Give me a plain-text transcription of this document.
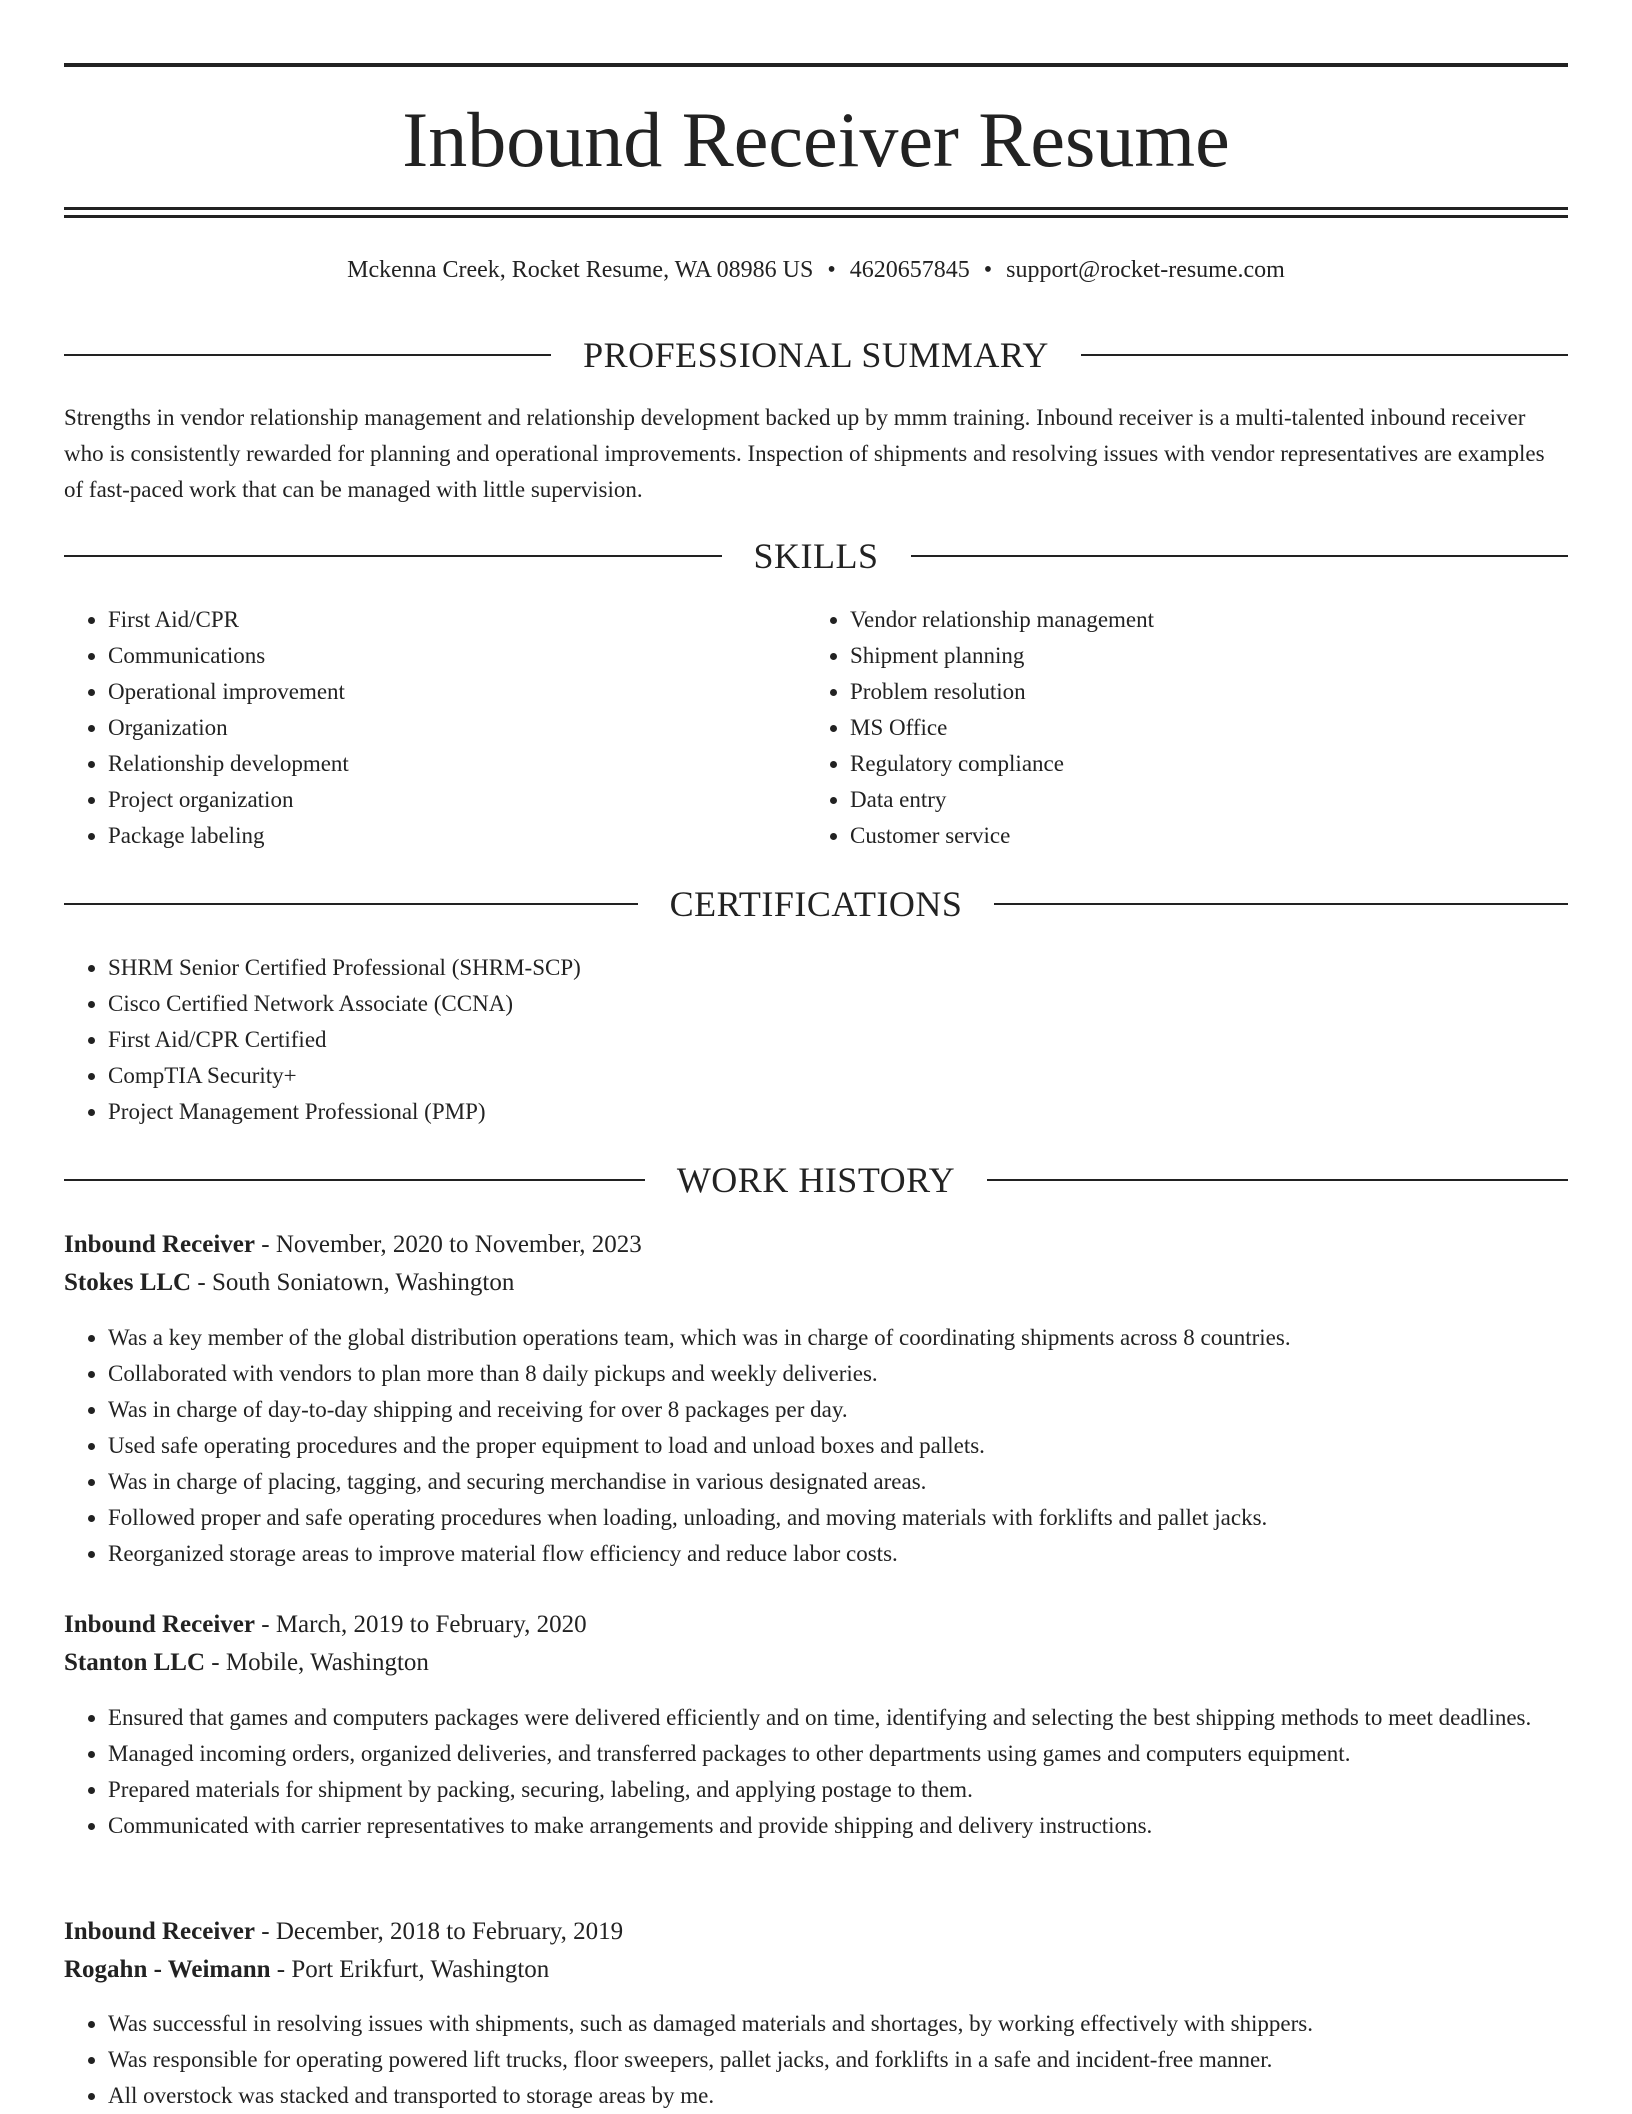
Inbound Receiver Resume
Mckenna Creek, Rocket Resume, WA 08986 US • 4620657845 • support@rocket-resume.com
PROFESSIONAL SUMMARY

Strengths in vendor relationship management and relationship development backed up by mmm training. Inbound receiver is a multi-talented inbound receiver who is consistently rewarded for planning and operational improvements. Inspection of shipments and resolving issues with vendor representatives are examples of fast-paced work that can be managed with little supervision.

SKILLS
• First Aid/CPR
• Communications
• Operational improvement
• Organization
• Relationship development
• Project organization
• Package labeling
• Vendor relationship management
• Shipment planning
• Problem resolution
• MS Office
• Regulatory compliance
• Data entry
• Customer service
CERTIFICATIONS
• SHRM Senior Certified Professional (SHRM-SCP)
• Cisco Certified Network Associate (CCNA)
• First Aid/CPR Certified
• CompTIA Security+
• Project Management Professional (PMP)
WORK HISTORY
Inbound Receiver - November, 2020 to November, 2023
Stokes LLC - South Soniatown, Washington
• Was a key member of the global distribution operations team, which was in charge of coordinating shipments across 8 countries.
• Collaborated with vendors to plan more than 8 daily pickups and weekly deliveries.
• Was in charge of day-to-day shipping and receiving for over 8 packages per day.
• Used safe operating procedures and the proper equipment to load and unload boxes and pallets.
• Was in charge of placing, tagging, and securing merchandise in various designated areas.
• Followed proper and safe operating procedures when loading, unloading, and moving materials with forklifts and pallet jacks.
• Reorganized storage areas to improve material flow efficiency and reduce labor costs.
Inbound Receiver - March, 2019 to February, 2020
Stanton LLC - Mobile, Washington
• Ensured that games and computers packages were delivered efficiently and on time, identifying and selecting the best shipping methods to meet deadlines.
• Managed incoming orders, organized deliveries, and transferred packages to other departments using games and computers equipment.
• Prepared materials for shipment by packing, securing, labeling, and applying postage to them.
• Communicated with carrier representatives to make arrangements and provide shipping and delivery instructions.
Inbound Receiver - December, 2018 to February, 2019
Rogahn - Weimann - Port Erikfurt, Washington
• Was successful in resolving issues with shipments, such as damaged materials and shortages, by working effectively with shippers.
• Was responsible for operating powered lift trucks, floor sweepers, pallet jacks, and forklifts in a safe and incident-free manner.
• All overstock was stacked and transported to storage areas by me.
